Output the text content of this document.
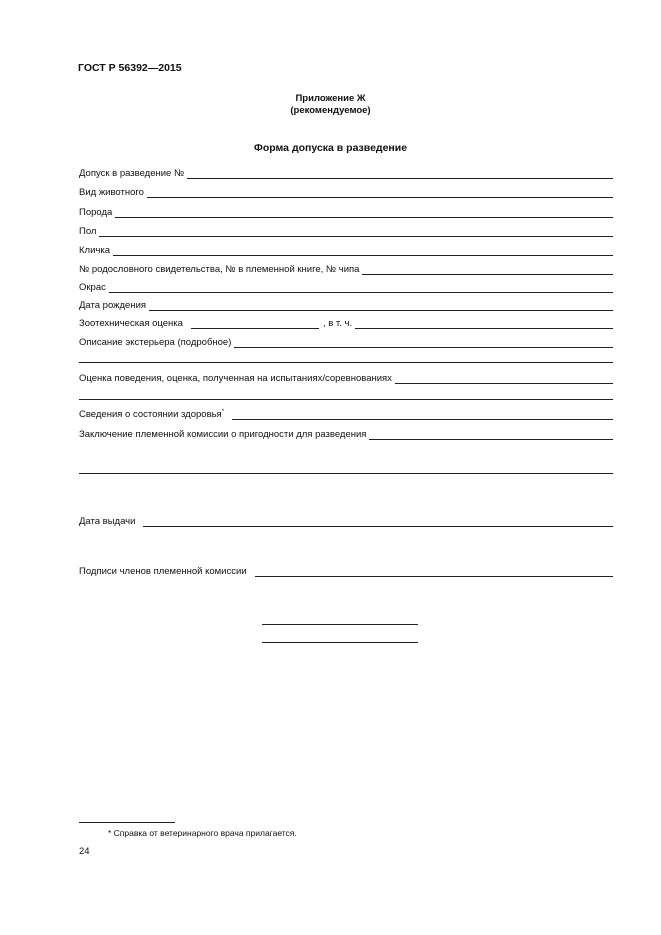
ГОСТ Р 56392—2015
Приложение Ж
(рекомендуемое)
Форма допуска в разведение
Допуск в разведение №
Вид животного
Порода
Пол
Кличка
№ родословного свидетельства, № в племенной книге, № чипа
Окрас
Дата рождения
Зоотехническая оценка	, в т. ч.
Описание экстерьера (подробное)
Оценка поведения, оценка, полученная на испытаниях/соревнованиях
Сведения о состоянии здоровья*
Заключение племенной комиссии о пригодности для разведения
Дата выдачи
Подписи членов племенной комиссии
* Справка от ветеринарного врача прилагается.
24
